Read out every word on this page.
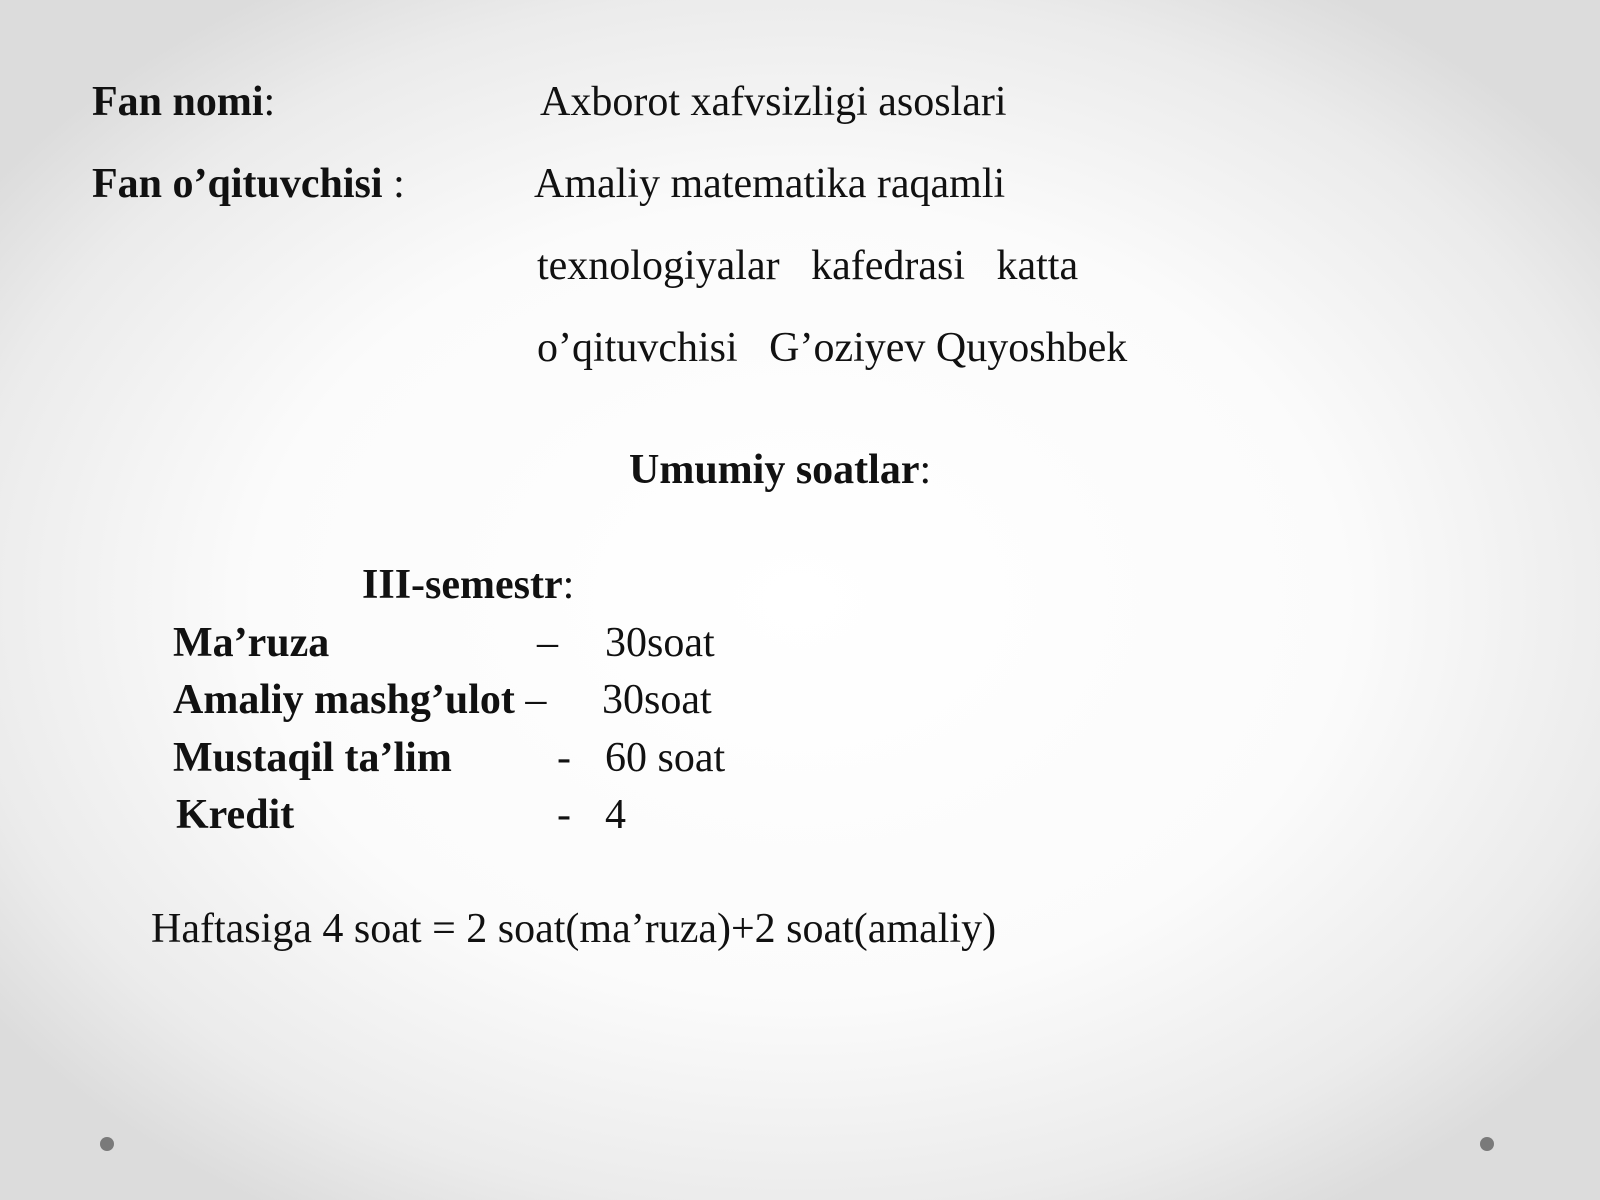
Fan nomi:	Axborot xafvsizligi asoslari
Fan o’qituvchisi :	Amaliy matematika raqamli
texnologiyalar   kafedrasi   katta
o’qituvchisi   G’oziyev Quyoshbek
Umumiy soatlar:
III-semestr:
Ma’ruza	– 30soat
Amaliy mashg’ulot – 30soat
Mustaqil ta’lim	- 60 soat
Kredit	- 4
Haftasiga 4 soat = 2 soat(ma’ruza)+2 soat(amaliy)
